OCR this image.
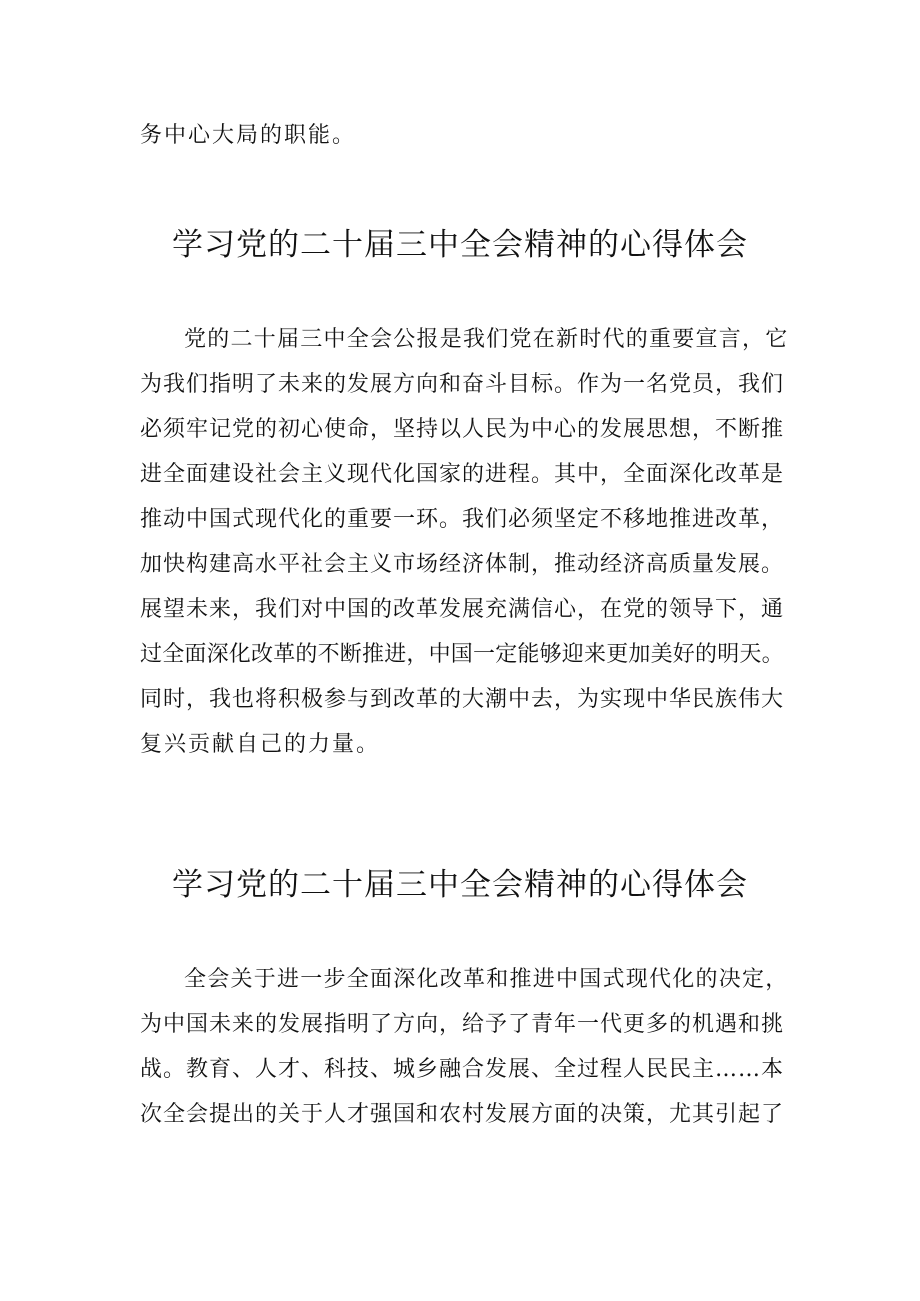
务中心大局的职能。
学习党的二十届三中全会精神的心得体会
党的二十届三中全会公报是我们党在新时代的重要宣言，它
为我们指明了未来的发展方向和奋斗目标。作为一名党员，我们
必须牢记党的初心使命，坚持以人民为中心的发展思想，不断推
进全面建设社会主义现代化国家的进程。其中，全面深化改革是
推动中国式现代化的重要一环。我们必须坚定不移地推进改革，
加快构建高水平社会主义市场经济体制，推动经济高质量发展。
展望未来，我们对中国的改革发展充满信心，在党的领导下，通
过全面深化改革的不断推进，中国一定能够迎来更加美好的明天。
同时，我也将积极参与到改革的大潮中去，为实现中华民族伟大
复兴贡献自己的力量。
学习党的二十届三中全会精神的心得体会
全会关于进一步全面深化改革和推进中国式现代化的决定，
为中国未来的发展指明了方向，给予了青年一代更多的机遇和挑
战。教育、人才、科技、城乡融合发展、全过程人民民主……本
次全会提出的关于人才强国和农村发展方面的决策，尤其引起了
